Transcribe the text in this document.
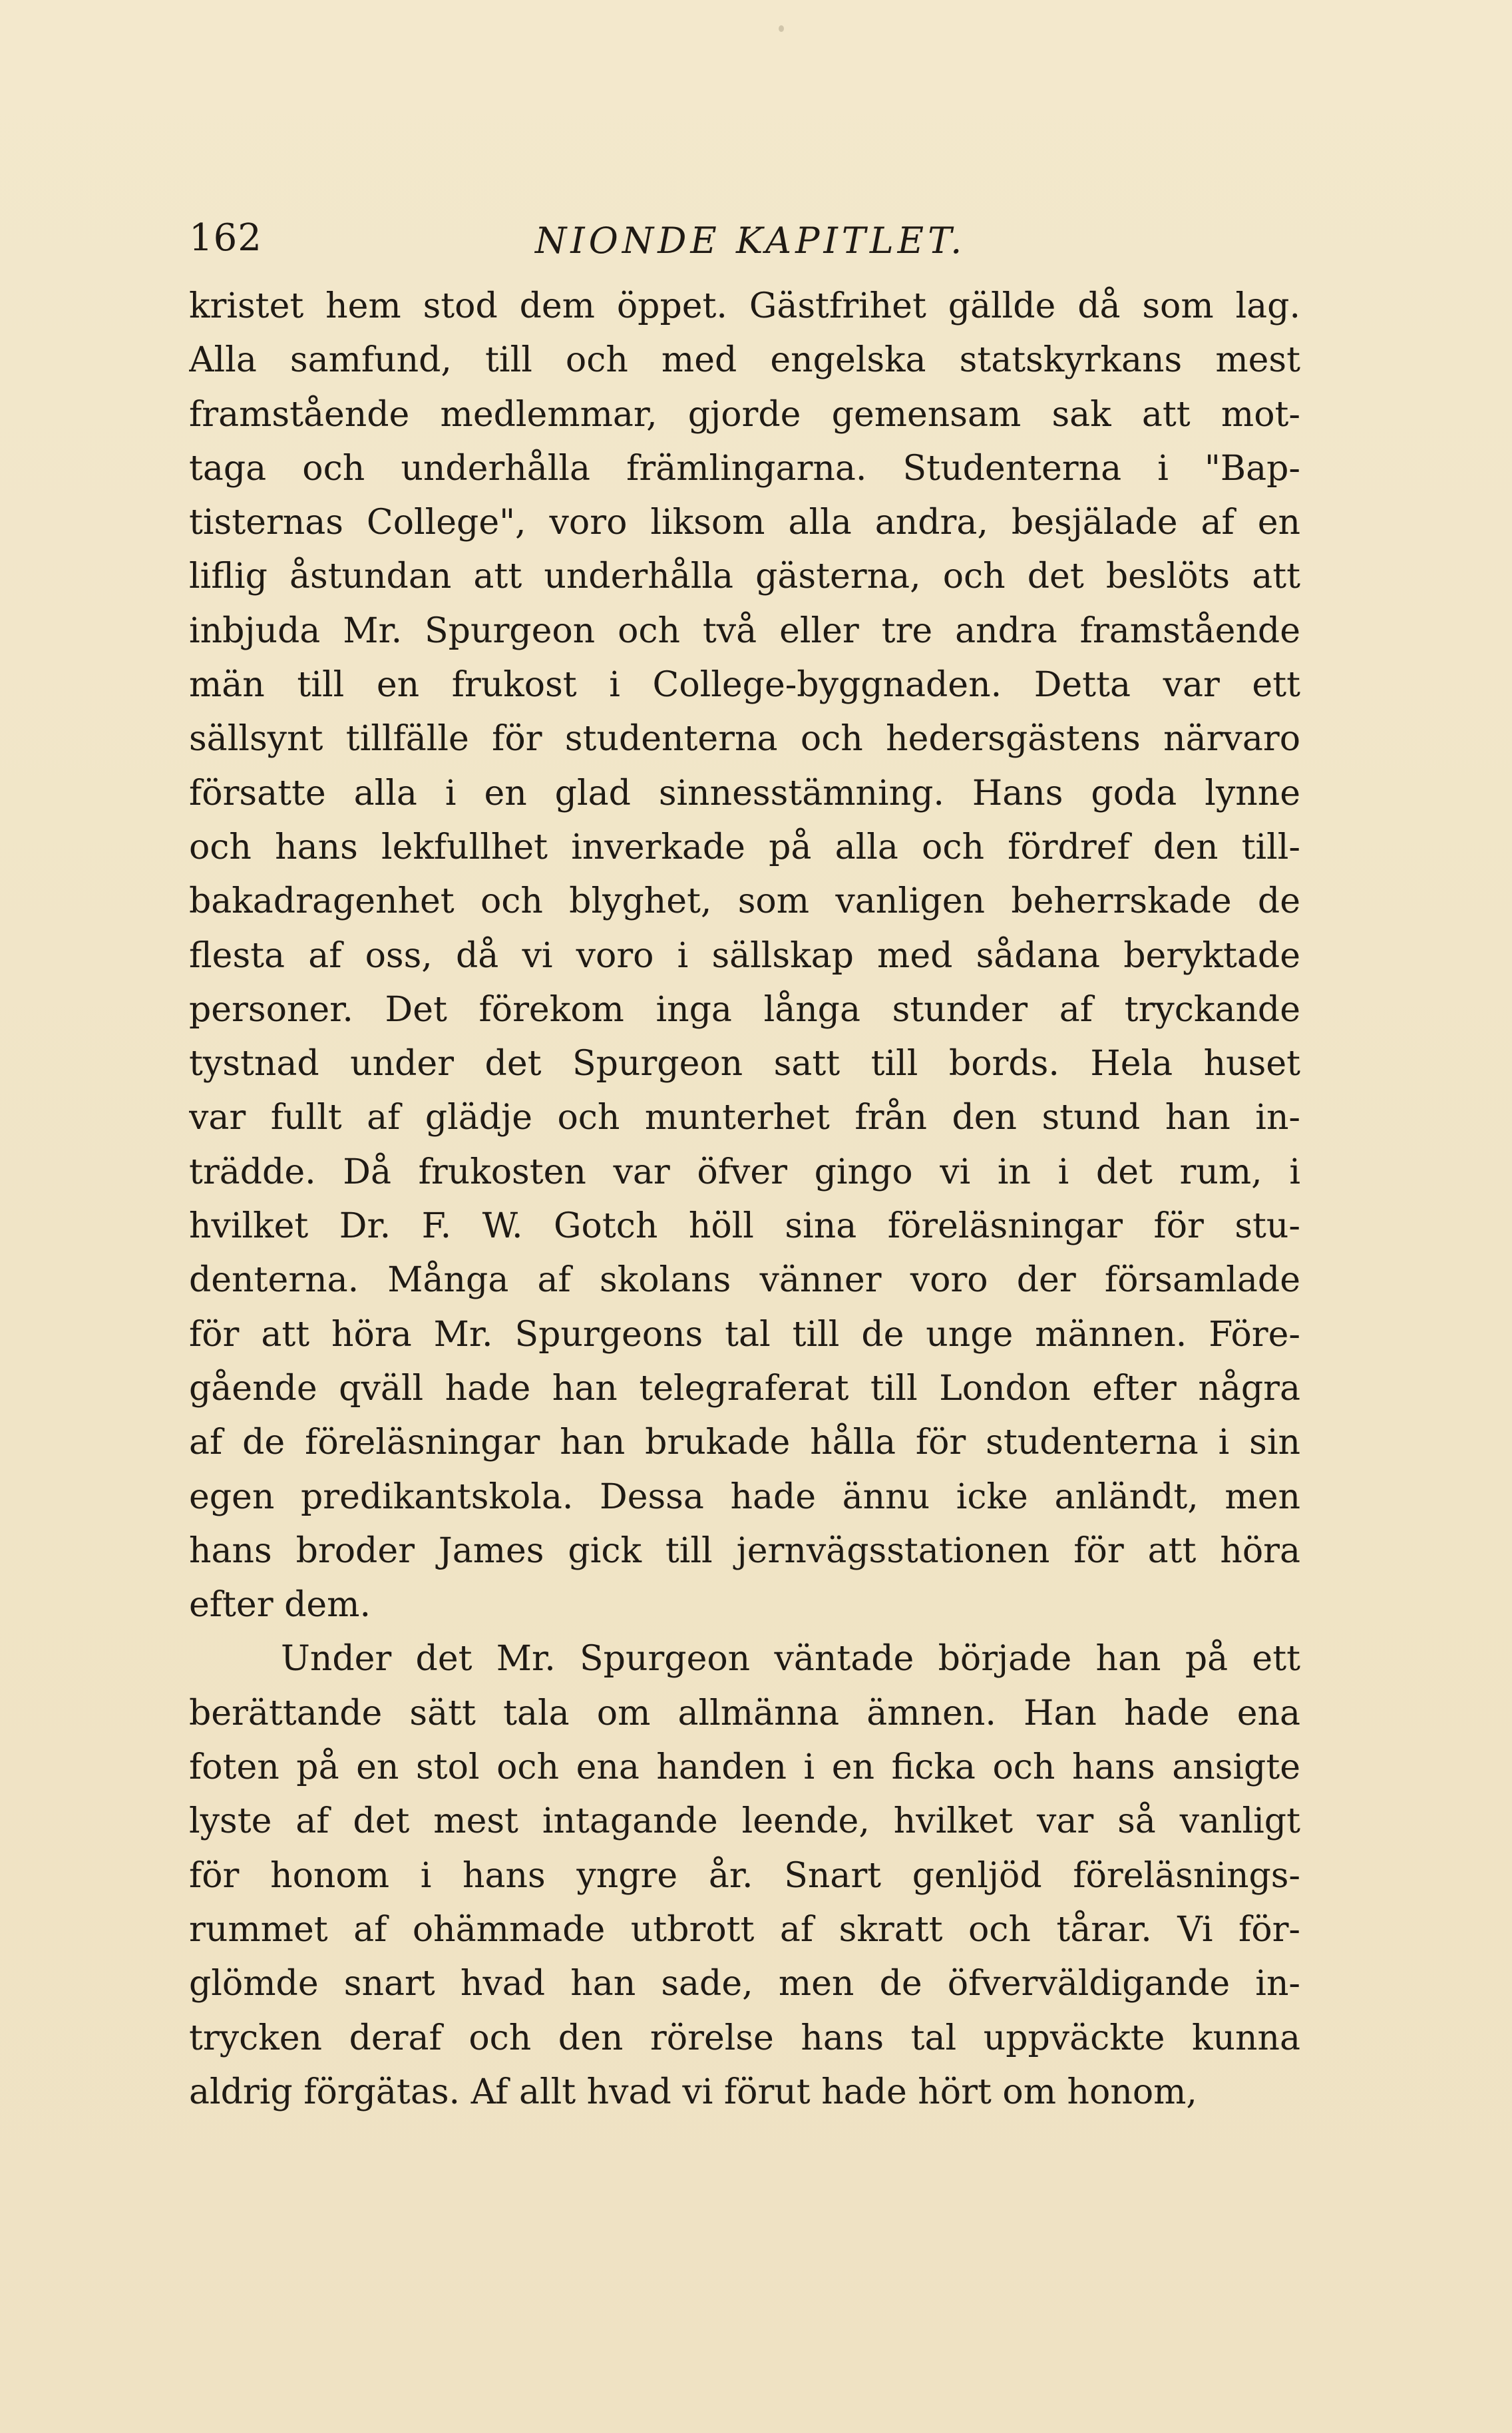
162	NIONDE KAPITLET.
kristet hem stod dem öppet. Gästfrihet gällde då som lag.
Alla samfund, till och med engelska statskyrkans mest
framstående medlemmar, gjorde gemensam sak att mot-
taga och underhålla främlingarna. Studenterna i "Bap-
tisternas College", voro liksom alla andra, besjälade af en
liflig åstundan att underhålla gästerna, och det beslöts att
inbjuda Mr. Spurgeon och två eller tre andra framstående
män till en frukost i College-byggnaden. Detta var ett
sällsynt tillfälle för studenterna och hedersgästens närvaro
försatte alla i en glad sinnesstämning. Hans goda lynne
och hans lekfullhet inverkade på alla och fördref den till-
bakadragenhet och blyghet, som vanligen beherrskade de
flesta af oss, då vi voro i sällskap med sådana beryktade
personer. Det förekom inga långa stunder af tryckande
tystnad under det Spurgeon satt till bords. Hela huset
var fullt af glädje och munterhet från den stund han in-
trädde. Då frukosten var öfver gingo vi in i det rum, i
hvilket Dr. F. W. Gotch höll sina föreläsningar för stu-
denterna. Många af skolans vänner voro der församlade
för att höra Mr. Spurgeons tal till de unge männen. Före-
gående qväll hade han telegraferat till London efter några
af de föreläsningar han brukade hålla för studenterna i sin
egen predikantskola. Dessa hade ännu icke anländt, men
hans broder James gick till jernvägsstationen för att höra
efter dem.
Under det Mr. Spurgeon väntade började han på ett
berättande sätt tala om allmänna ämnen. Han hade ena
foten på en stol och ena handen i en ficka och hans ansigte
lyste af det mest intagande leende, hvilket var så vanligt
för honom i hans yngre år. Snart genljöd föreläsnings-
rummet af ohämmade utbrott af skratt och tårar. Vi för-
glömde snart hvad han sade, men de öfverväldigande in-
trycken deraf och den rörelse hans tal uppväckte kunna
aldrig förgätas. Af allt hvad vi förut hade hört om honom,
